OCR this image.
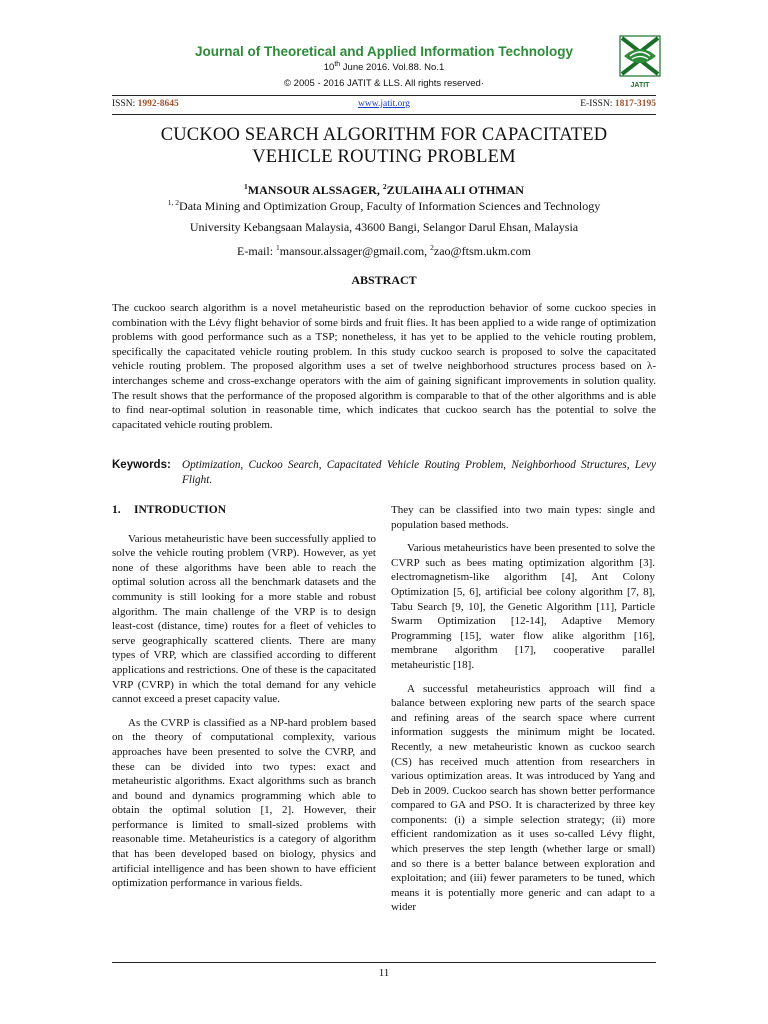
Journal of Theoretical and Applied Information Technology
10th June 2016. Vol.88. No.1
© 2005 - 2016 JATIT & LLS. All rights reserved·	JATIT
ISSN: 1992-8645	www.jatit.org	E-ISSN: 1817-3195
CUCKOO SEARCH ALGORITHM FOR CAPACITATED
VEHICLE ROUTING PROBLEM
$^1$MANSOUR ALSSAGER, $^2$ZULAIHA ALI OTHMAN
$^{1, 2}$Data Mining and Optimization Group, Faculty of Information Sciences and Technology
University Kebangsaan Malaysia, 43600 Bangi, Selangor Darul Ehsan, Malaysia
E-mail: $^1$mansour.alssager@gmail.com, $^2$zao@ftsm.ukm.com
ABSTRACT
The cuckoo search algorithm is a novel metaheuristic based on the reproduction behavior of some cuckoo species in combination with the Lévy flight behavior of some birds and fruit flies. It has been applied to a wide range of optimization problems with good performance such as a TSP; nonetheless, it has yet to be applied to the vehicle routing problem, specifically the capacitated vehicle routing problem. In this study cuckoo search is proposed to solve the capacitated vehicle routing problem. The proposed algorithm uses a set of twelve neighborhood structures process based on λ-interchanges scheme and cross-exchange operators with the aim of gaining significant improvements in solution quality. The result shows that the performance of the proposed algorithm is comparable to that of the other algorithms and is able to find near-optimal solution in reasonable time, which indicates that cuckoo search has the potential to solve the capacitated vehicle routing problem.
Keywords: Optimization, Cuckoo Search, Capacitated Vehicle Routing Problem, Neighborhood Structures, Levy Flight.
1. INTRODUCTION

Various metaheuristic have been successfully applied to solve the vehicle routing problem (VRP). However, as yet none of these algorithms have been able to reach the optimal solution across all the benchmark datasets and the community is still looking for a more stable and robust algorithm. The main challenge of the VRP is to design least-cost (distance, time) routes for a fleet of vehicles to serve geographically scattered clients. There are many types of VRP, which are classified according to different applications and restrictions. One of these is the capacitated VRP (CVRP) in which the total demand for any vehicle cannot exceed a preset capacity value.

As the CVRP is classified as a NP-hard problem based on the theory of computational complexity, various approaches have been presented to solve the CVRP, and these can be divided into two types: exact and metaheuristic algorithms. Exact algorithms such as branch and bound and dynamics programming which able to obtain the optimal solution [1, 2]. However, their performance is limited to small-sized problems with reasonable time. Metaheuristics is a category of algorithm that has been developed based on biology, physics and artificial intelligence and has been shown to have efficient optimization performance in various fields.

They can be classified into two main types: single and population based methods.

Various metaheuristics have been presented to solve the CVRP such as bees mating optimization algorithm [3]. electromagnetism-like algorithm [4], Ant Colony Optimization [5, 6], artificial bee colony algorithm [7, 8], Tabu Search [9, 10], the Genetic Algorithm [11], Particle Swarm Optimization [12-14], Adaptive Memory Programming [15], water flow alike algorithm [16], membrane algorithm [17], cooperative parallel metaheuristic [18].

A successful metaheuristics approach will find a balance between exploring new parts of the search space and refining areas of the search space where current information suggests the minimum might be located. Recently, a new metaheuristic known as cuckoo search (CS) has received much attention from researchers in various optimization areas. It was introduced by Yang and Deb in 2009. Cuckoo search has shown better performance compared to GA and PSO. It is characterized by three key components: (i) a simple selection strategy; (ii) more efficient randomization as it uses so-called Lévy flight, which preserves the step length (whether large or small) and so there is a better balance between exploration and exploitation; and (iii) fewer parameters to be tuned, which means it is potentially more generic and can adapt to a wider

11
